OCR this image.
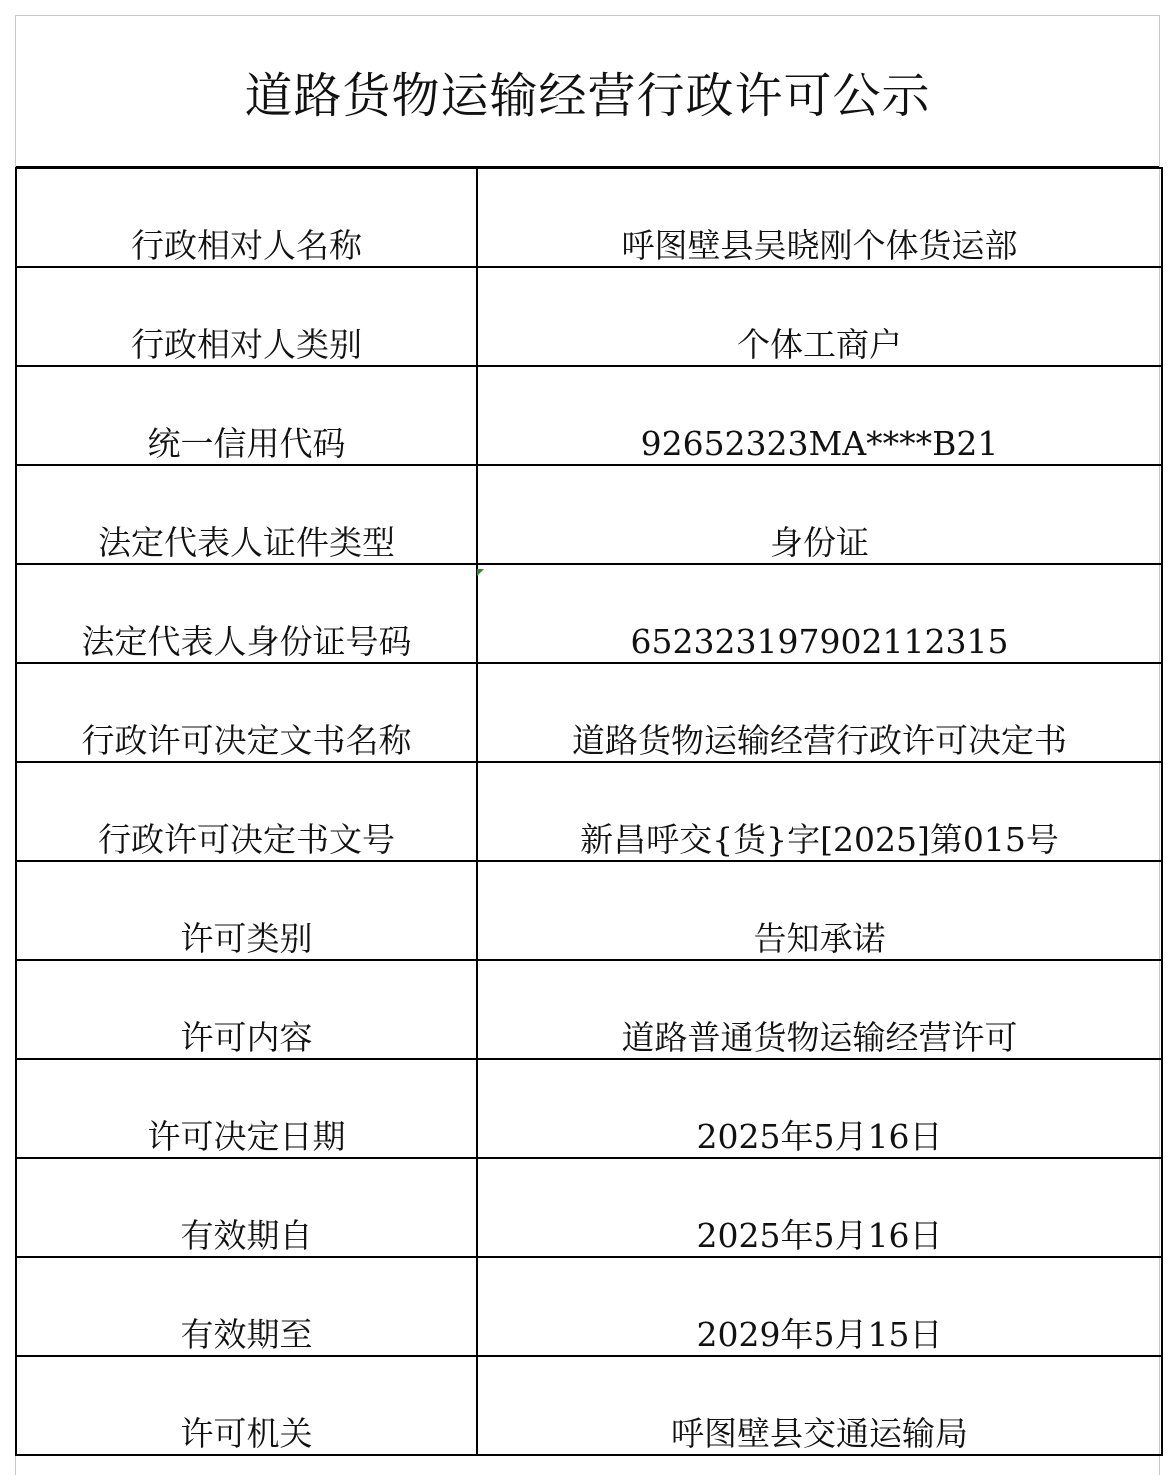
道路货物运输经营行政许可公示
行政相对人名称	呼图壁县吴晓刚个体货运部
行政相对人类别	个体工商户
统一信用代码	92652323MA****B21
法定代表人证件类型	身份证
法定代表人身份证号码	652323197902112315
行政许可决定文书名称	道路货物运输经营行政许可决定书
行政许可决定书文号	新昌呼交{货}字[2025]第015号
许可类别	告知承诺
许可内容	道路普通货物运输经营许可
许可决定日期	2025年5月16日
有效期自	2025年5月16日
有效期至	2029年5月15日
许可机关	呼图壁县交通运输局
